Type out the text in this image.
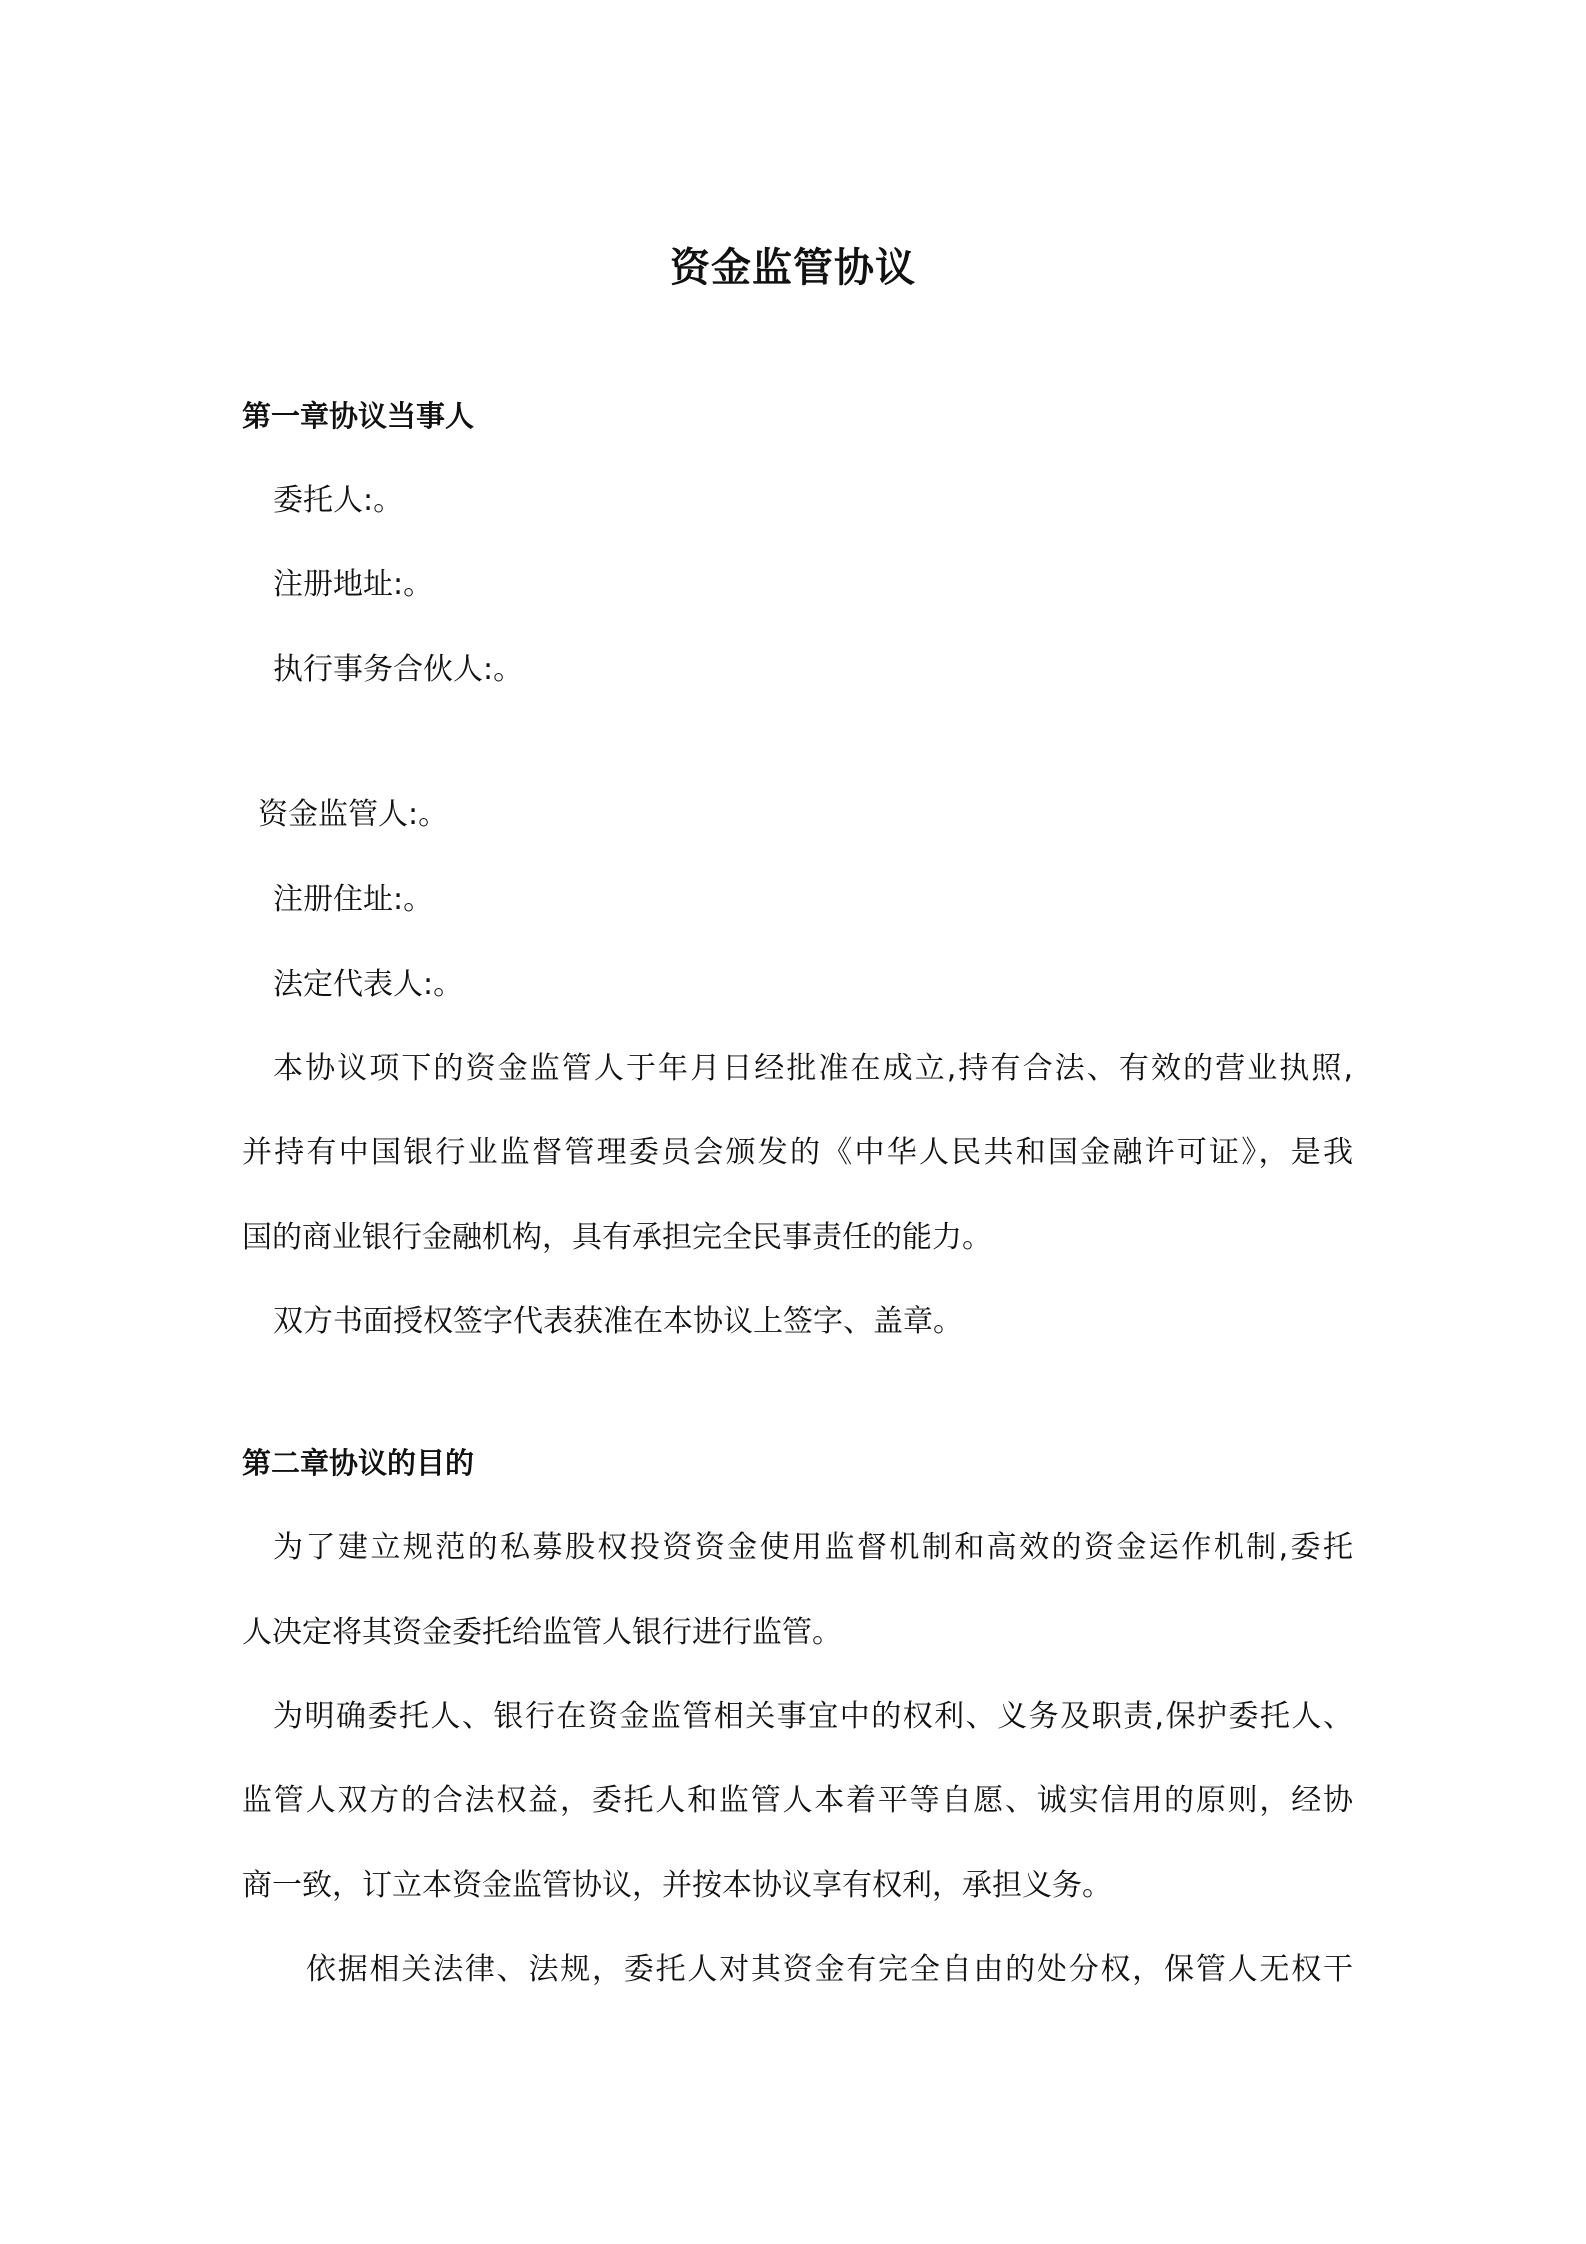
资金监管协议
第一章协议当事人
委托人:。
注册地址:。
执行事务合伙人:。
资金监管人:。
注册住址:。
法定代表人:。
本协议项下的资金监管人于年月日经批准在成立,持有合法、有效的营业执照,
并持有中国银行业监督管理委员会颁发的《中华人民共和国金融许可证》，是我
国的商业银行金融机构，具有承担完全民事责任的能力。
双方书面授权签字代表获准在本协议上签字、盖章。
第二章协议的目的
为了建立规范的私募股权投资资金使用监督机制和高效的资金运作机制,委托
人决定将其资金委托给监管人银行进行监管。
为明确委托人、银行在资金监管相关事宜中的权利、义务及职责,保护委托人、
监管人双方的合法权益，委托人和监管人本着平等自愿、诚实信用的原则，经协
商一致，订立本资金监管协议，并按本协议享有权利，承担义务。
依据相关法律、法规，委托人对其资金有完全自由的处分权，保管人无权干
